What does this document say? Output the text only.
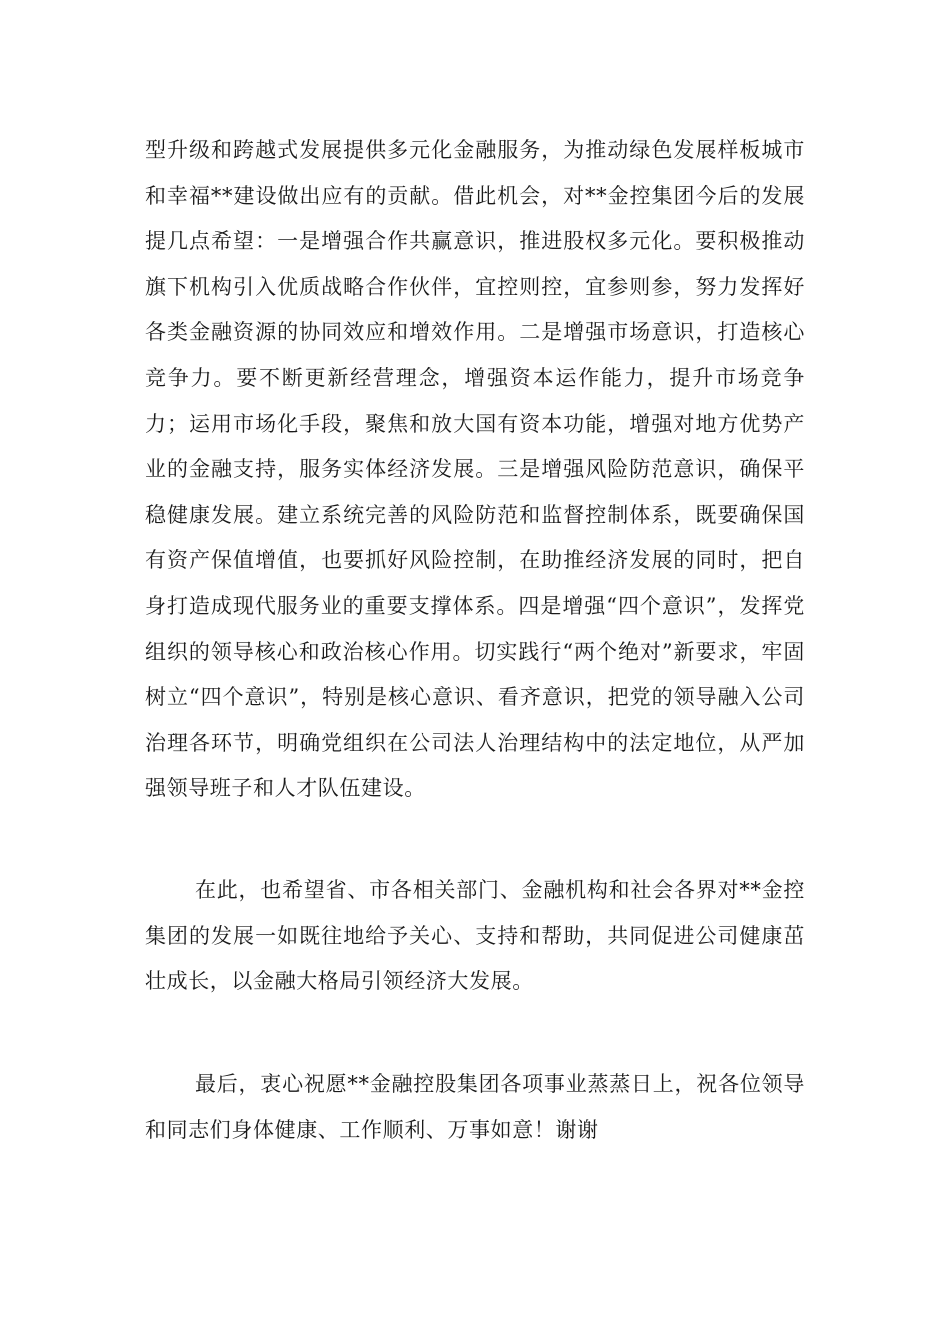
型升级和跨越式发展提供多元化金融服务，为推动绿色发展样板城市和幸福**建设做出应有的贡献。借此机会，对**金控集团今后的发展提几点希望：一是增强合作共赢意识，推进股权多元化。要积极推动旗下机构引入优质战略合作伙伴，宜控则控，宜参则参，努力发挥好各类金融资源的协同效应和增效作用。二是增强市场意识，打造核心竞争力。要不断更新经营理念，增强资本运作能力，提升市场竞争力；运用市场化手段，聚焦和放大国有资本功能，增强对地方优势产业的金融支持，服务实体经济发展。三是增强风险防范意识，确保平稳健康发展。建立系统完善的风险防范和监督控制体系，既要确保国有资产保值增值，也要抓好风险控制，在助推经济发展的同时，把自身打造成现代服务业的重要支撑体系。四是增强“四个意识”，发挥党组织的领导核心和政治核心作用。切实践行“两个绝对”新要求，牢固树立“四个意识”，特别是核心意识、看齐意识，把党的领导融入公司治理各环节，明确党组织在公司法人治理结构中的法定地位，从严加强领导班子和人才队伍建设。

在此，也希望省、市各相关部门、金融机构和社会各界对**金控集团的发展一如既往地给予关心、支持和帮助，共同促进公司健康茁壮成长，以金融大格局引领经济大发展。

最后，衷心祝愿**金融控股集团各项事业蒸蒸日上，祝各位领导和同志们身体健康、工作顺利、万事如意！谢谢
